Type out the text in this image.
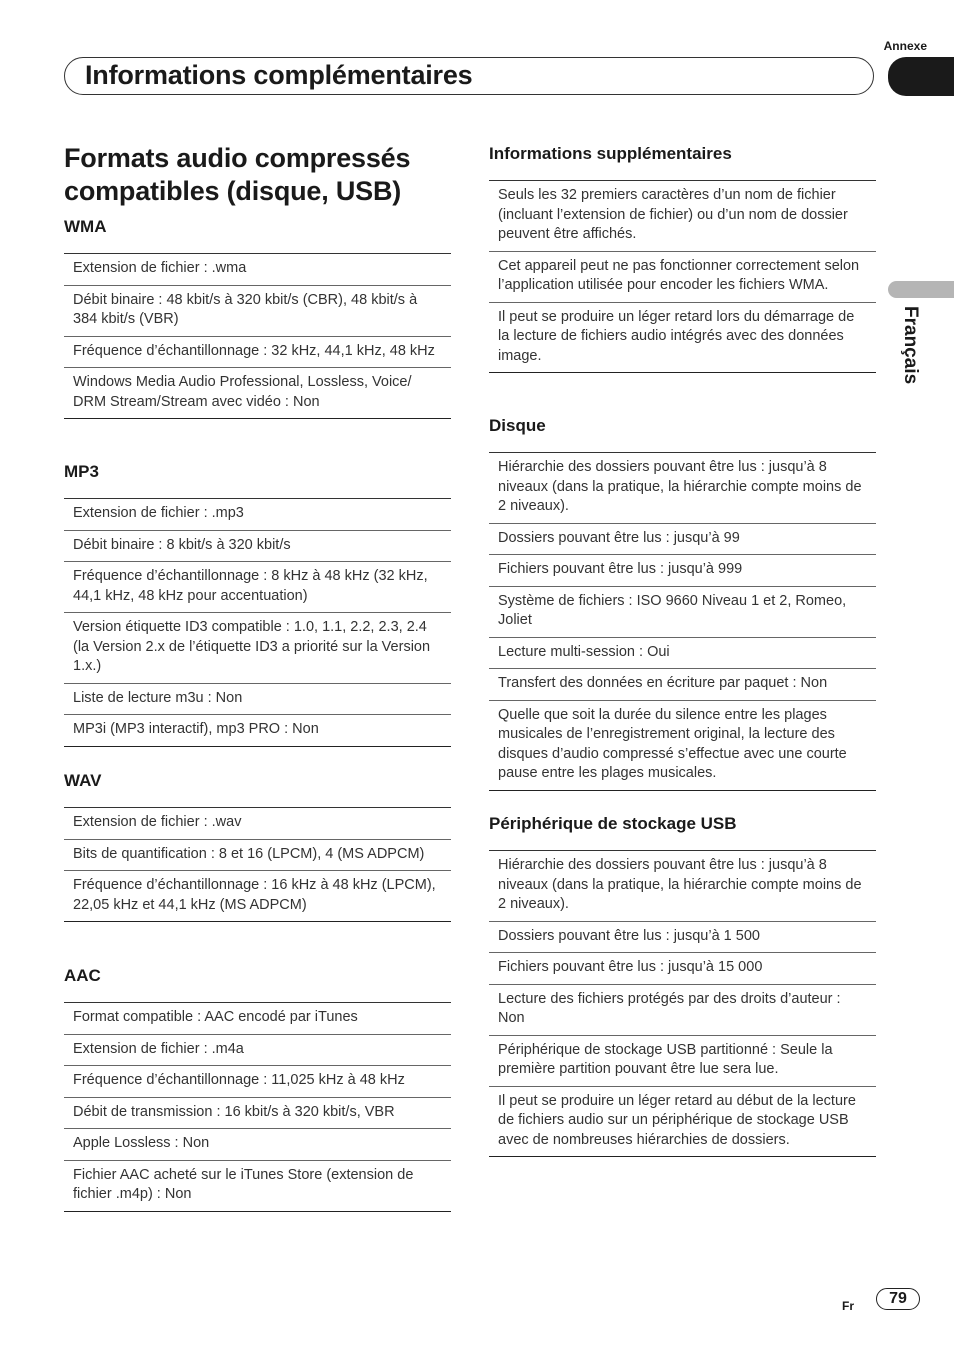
Annexe
Informations complémentaires
Français
Formats audio compressés
compatibles (disque, USB)
WMA
Extension de fichier : .wma
Débit binaire : 48 kbit/s à 320 kbit/s (CBR), 48 kbit/s à 384 kbit/s (VBR)
Fréquence d’échantillonnage : 32 kHz, 44,1 kHz, 48 kHz
Windows Media Audio Professional, Lossless, Voice/ DRM Stream/Stream avec vidéo : Non
MP3
Extension de fichier : .mp3
Débit binaire : 8 kbit/s à 320 kbit/s
Fréquence d’échantillonnage : 8 kHz à 48 kHz (32 kHz, 44,1 kHz, 48 kHz pour accentuation)
Version étiquette ID3 compatible : 1.0, 1.1, 2.2, 2.3, 2.4 (la Version 2.x de l’étiquette ID3 a priorité sur la Version 1.x.)
Liste de lecture m3u : Non
MP3i (MP3 interactif), mp3 PRO : Non
WAV
Extension de fichier : .wav
Bits de quantification : 8 et 16 (LPCM), 4 (MS ADPCM)
Fréquence d’échantillonnage : 16 kHz à 48 kHz (LPCM), 22,05 kHz et 44,1 kHz (MS ADPCM)
AAC
Format compatible : AAC encodé par iTunes
Extension de fichier : .m4a
Fréquence d’échantillonnage : 11,025 kHz à 48 kHz
Débit de transmission : 16 kbit/s à 320 kbit/s, VBR
Apple Lossless : Non
Fichier AAC acheté sur le iTunes Store (extension de fichier .m4p) : Non
Informations supplémentaires
Seuls les 32 premiers caractères d’un nom de fichier (incluant l’extension de fichier) ou d’un nom de dossier peuvent être affichés.
Cet appareil peut ne pas fonctionner correctement selon l’application utilisée pour encoder les fichiers WMA.
Il peut se produire un léger retard lors du démarrage de la lecture de fichiers audio intégrés avec des données image.
Disque
Hiérarchie des dossiers pouvant être lus : jusqu’à 8 niveaux (dans la pratique, la hiérarchie compte moins de 2 niveaux).
Dossiers pouvant être lus : jusqu’à 99
Fichiers pouvant être lus : jusqu’à 999
Système de fichiers : ISO 9660 Niveau 1 et 2, Romeo, Joliet
Lecture multi-session : Oui
Transfert des données en écriture par paquet : Non
Quelle que soit la durée du silence entre les plages musicales de l’enregistrement original, la lecture des disques d’audio compressé s’effectue avec une courte pause entre les plages musicales.
Périphérique de stockage USB
Hiérarchie des dossiers pouvant être lus : jusqu’à 8 niveaux (dans la pratique, la hiérarchie compte moins de 2 niveaux).
Dossiers pouvant être lus : jusqu’à 1 500
Fichiers pouvant être lus : jusqu’à 15 000
Lecture des fichiers protégés par des droits d’auteur : Non
Périphérique de stockage USB partitionné : Seule la première partition pouvant être lue sera lue.
Il peut se produire un léger retard au début de la lecture de fichiers audio sur un périphérique de stockage USB avec de nombreuses hiérarchies de dossiers.
Fr	79
